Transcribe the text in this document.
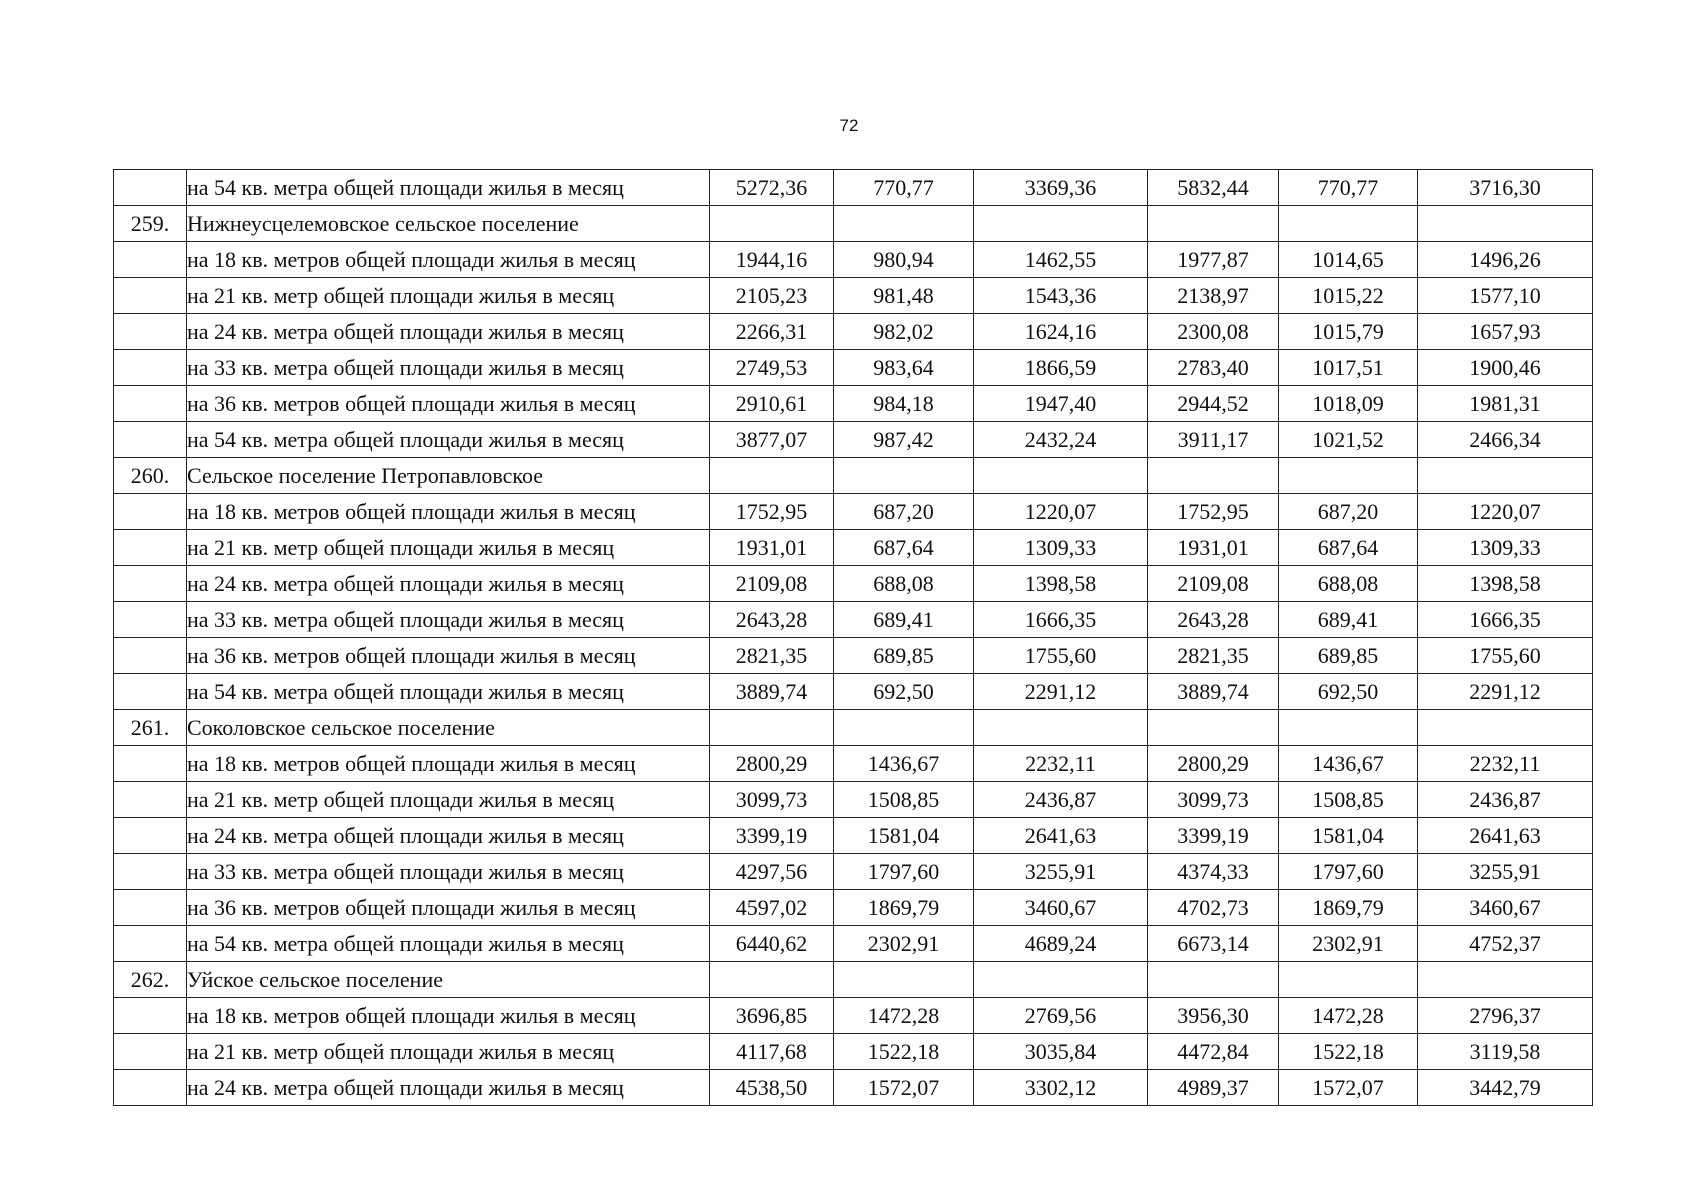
72
	на 54 кв. метра общей площади жилья в месяц	5272,36	770,77	3369,36	5832,44	770,77	3716,30
259.	Нижнеусцелемовское сельское поселение						
	на 18 кв. метров общей площади жилья в месяц	1944,16	980,94	1462,55	1977,87	1014,65	1496,26
	на 21 кв. метр общей площади жилья в месяц	2105,23	981,48	1543,36	2138,97	1015,22	1577,10
	на 24 кв. метра общей площади жилья в месяц	2266,31	982,02	1624,16	2300,08	1015,79	1657,93
	на 33 кв. метра общей площади жилья в месяц	2749,53	983,64	1866,59	2783,40	1017,51	1900,46
	на 36 кв. метров общей площади жилья в месяц	2910,61	984,18	1947,40	2944,52	1018,09	1981,31
	на 54 кв. метра общей площади жилья в месяц	3877,07	987,42	2432,24	3911,17	1021,52	2466,34
260.	Сельское поселение Петропавловское						
	на 18 кв. метров общей площади жилья в месяц	1752,95	687,20	1220,07	1752,95	687,20	1220,07
	на 21 кв. метр общей площади жилья в месяц	1931,01	687,64	1309,33	1931,01	687,64	1309,33
	на 24 кв. метра общей площади жилья в месяц	2109,08	688,08	1398,58	2109,08	688,08	1398,58
	на 33 кв. метра общей площади жилья в месяц	2643,28	689,41	1666,35	2643,28	689,41	1666,35
	на 36 кв. метров общей площади жилья в месяц	2821,35	689,85	1755,60	2821,35	689,85	1755,60
	на 54 кв. метра общей площади жилья в месяц	3889,74	692,50	2291,12	3889,74	692,50	2291,12
261.	Соколовское сельское поселение						
	на 18 кв. метров общей площади жилья в месяц	2800,29	1436,67	2232,11	2800,29	1436,67	2232,11
	на 21 кв. метр общей площади жилья в месяц	3099,73	1508,85	2436,87	3099,73	1508,85	2436,87
	на 24 кв. метра общей площади жилья в месяц	3399,19	1581,04	2641,63	3399,19	1581,04	2641,63
	на 33 кв. метра общей площади жилья в месяц	4297,56	1797,60	3255,91	4374,33	1797,60	3255,91
	на 36 кв. метров общей площади жилья в месяц	4597,02	1869,79	3460,67	4702,73	1869,79	3460,67
	на 54 кв. метра общей площади жилья в месяц	6440,62	2302,91	4689,24	6673,14	2302,91	4752,37
262.	Уйское сельское поселение						
	на 18 кв. метров общей площади жилья в месяц	3696,85	1472,28	2769,56	3956,30	1472,28	2796,37
	на 21 кв. метр общей площади жилья в месяц	4117,68	1522,18	3035,84	4472,84	1522,18	3119,58
	на 24 кв. метра общей площади жилья в месяц	4538,50	1572,07	3302,12	4989,37	1572,07	3442,79
